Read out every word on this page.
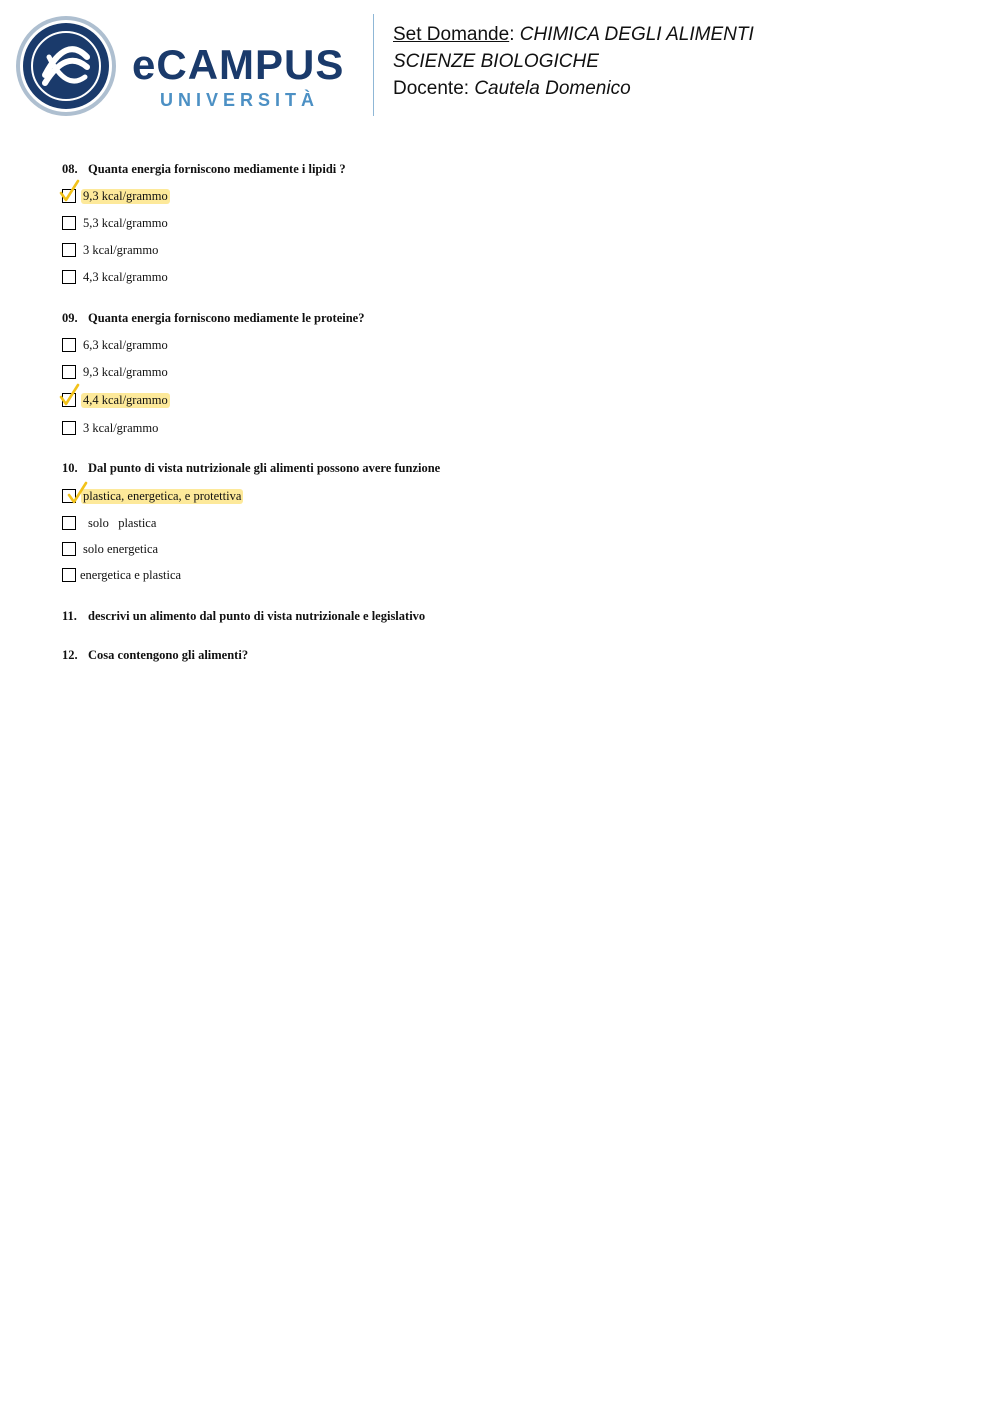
eCAMPUS
UNIVERSITÀ
Set Domande: CHIMICA DEGLI ALIMENTI
SCIENZE BIOLOGICHE
Docente: Cautela Domenico
08. Quanta energia forniscono mediamente i lipidi ?
9,3 kcal/grammo
5,3 kcal/grammo
3 kcal/grammo
4,3 kcal/grammo
09. Quanta energia forniscono mediamente le proteine?
6,3 kcal/grammo
9,3 kcal/grammo
4,4 kcal/grammo
3 kcal/grammo
10. Dal punto di vista nutrizionale gli alimenti possono avere funzione
plastica, energetica, e protettiva
solo   plastica
solo energetica
energetica e plastica
11. descrivi un alimento dal punto di vista nutrizionale e legislativo
12. Cosa contengono gli alimenti?
